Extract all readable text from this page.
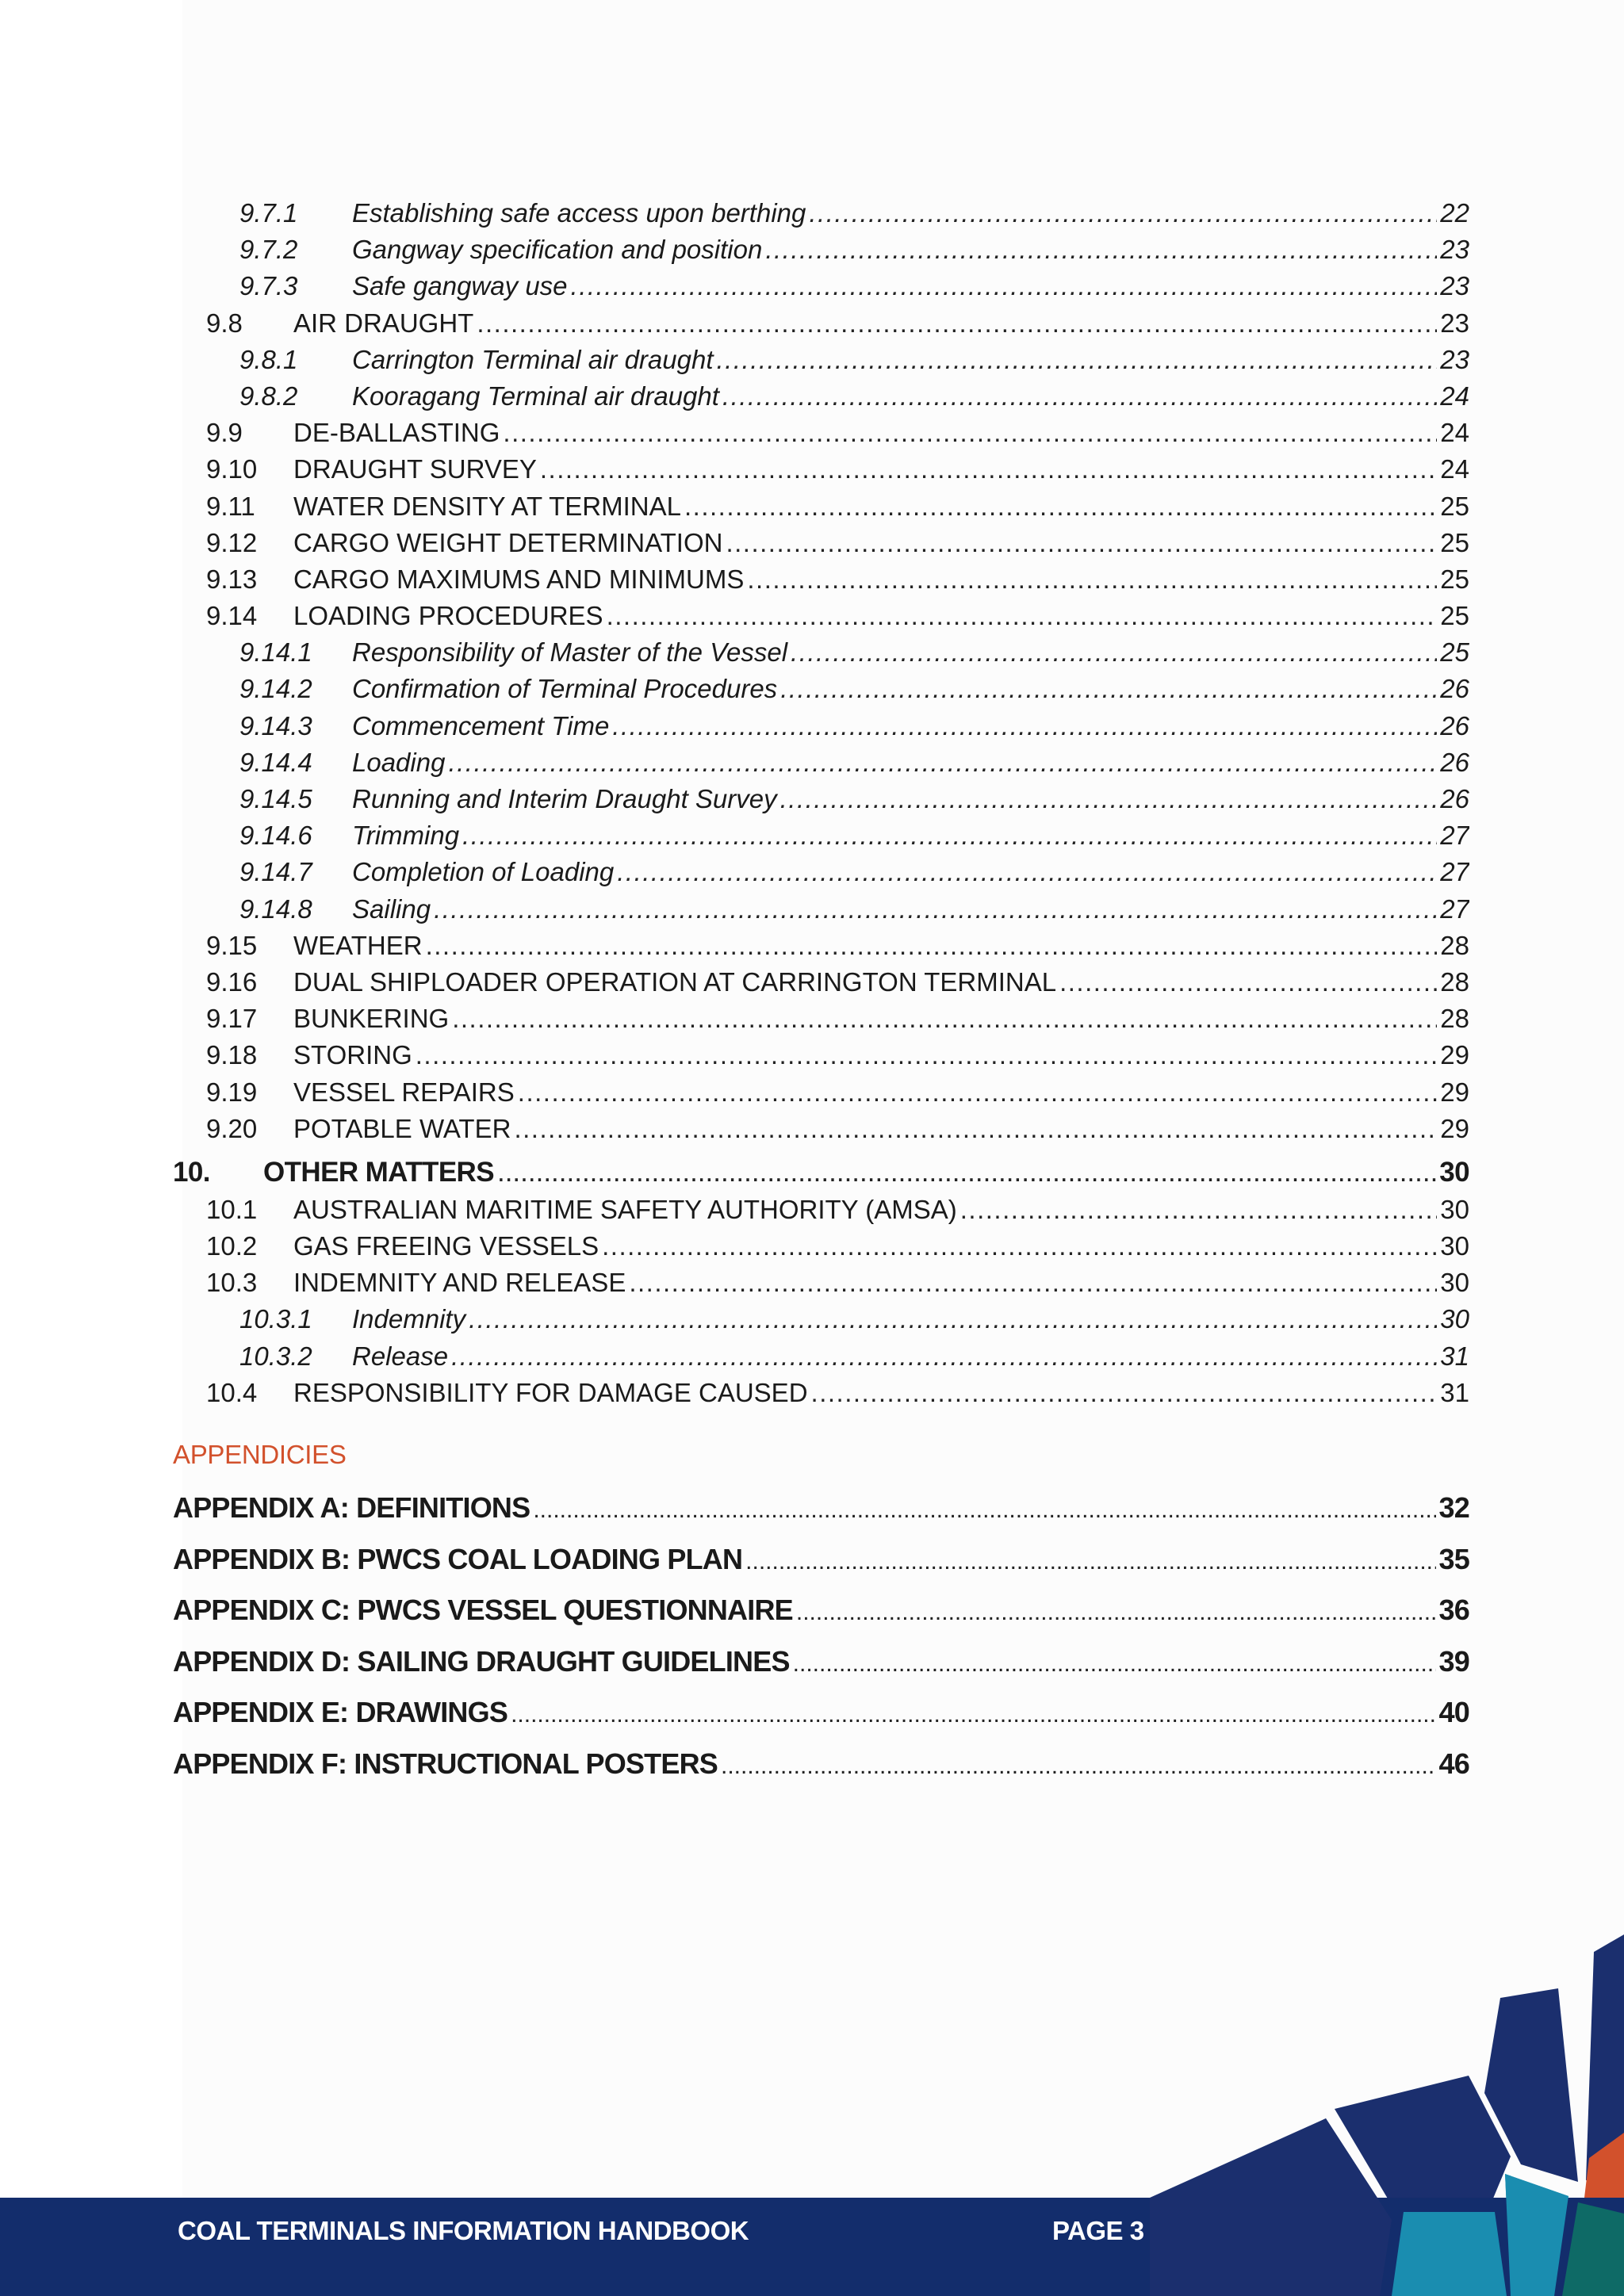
9.7.1	Establishing safe access upon berthing .....	22
9.7.2	Gangway specification and position .....	23
9.7.3	Safe gangway use .....	23
9.8	AIR DRAUGHT .....	23
9.8.1	Carrington Terminal air draught .....	23
9.8.2	Kooragang Terminal air draught .....	24
9.9	DE-BALLASTING .....	24
9.10	DRAUGHT SURVEY .....	24
9.11	WATER DENSITY AT TERMINAL .....	25
9.12	CARGO WEIGHT DETERMINATION .....	25
9.13	CARGO MAXIMUMS AND MINIMUMS .....	25
9.14	LOADING PROCEDURES .....	25
9.14.1	Responsibility of Master of the Vessel .....	25
9.14.2	Confirmation of Terminal Procedures .....	26
9.14.3	Commencement Time .....	26
9.14.4	Loading .....	26
9.14.5	Running and Interim Draught Survey .....	26
9.14.6	Trimming .....	27
9.14.7	Completion of Loading .....	27
9.14.8	Sailing .....	27
9.15	WEATHER .....	28
9.16	DUAL SHIPLOADER OPERATION AT CARRINGTON TERMINAL .....	28
9.17	BUNKERING .....	28
9.18	STORING .....	29
9.19	VESSEL REPAIRS .....	29
9.20	POTABLE WATER .....	29
10.	OTHER MATTERS .....	30
10.1	AUSTRALIAN MARITIME SAFETY AUTHORITY (AMSA) .....	30
10.2	GAS FREEING VESSELS .....	30
10.3	INDEMNITY AND RELEASE .....	30
10.3.1	Indemnity .....	30
10.3.2	Release .....	31
10.4	RESPONSIBILITY FOR DAMAGE CAUSED .....	31
APPENDICIES
APPENDIX A: DEFINITIONS .....	32
APPENDIX B: PWCS COAL LOADING PLAN .....	35
APPENDIX C: PWCS VESSEL QUESTIONNAIRE .....	36
APPENDIX D: SAILING DRAUGHT GUIDELINES .....	39
APPENDIX E: DRAWINGS .....	40
APPENDIX F: INSTRUCTIONAL POSTERS .....	46
COAL TERMINALS INFORMATION HANDBOOK	PAGE 3
